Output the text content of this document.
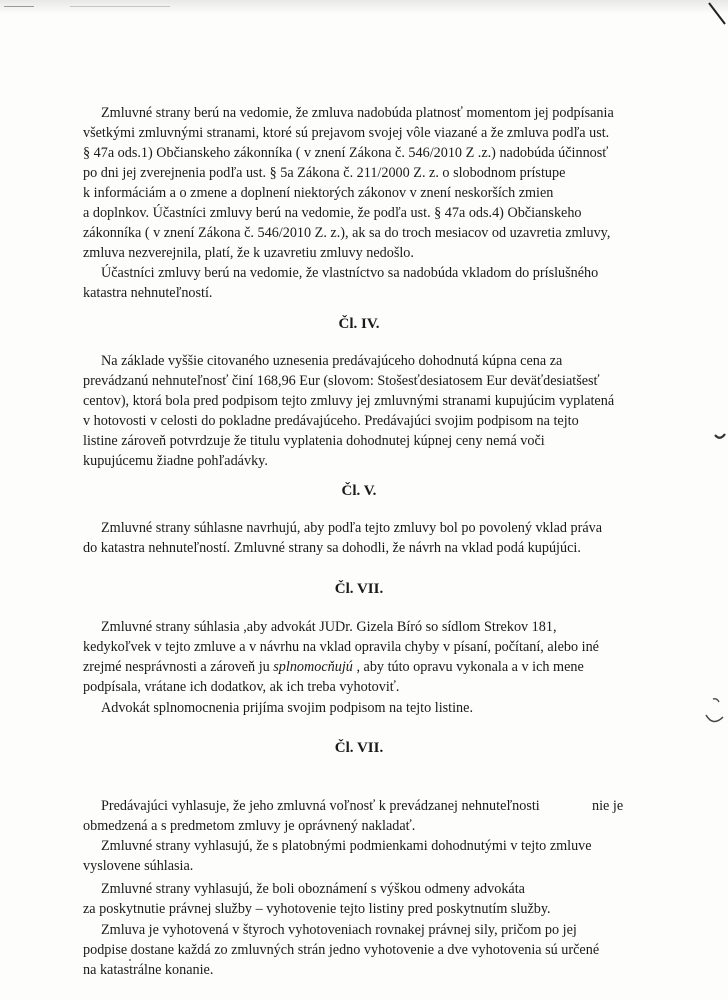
Zmluvné strany berú na vedomie, že zmluva nadobúda platnosť momentom jej podpísania
všetkými zmluvnými stranami, ktoré sú prejavom svojej vôle viazané a že zmluva podľa ust.
§ 47a ods.1) Občianskeho zákonníka ( v znení Zákona č. 546/2010 Z .z.) nadobúda účinnosť
po dni jej zverejnenia podľa ust. § 5a Zákona č. 211/2000 Z. z. o slobodnom prístupe
k informáciám a o zmene a doplnení niektorých zákonov v znení neskorších zmien
a doplnkov. Účastníci zmluvy berú na vedomie, že podľa ust. § 47a ods.4) Občianskeho
zákonníka ( v znení Zákona č. 546/2010 Z. z.), ak sa do troch mesiacov od uzavretia zmluvy,
zmluva nezverejnila, platí, že k uzavretiu zmluvy nedošlo.
Účastníci zmluvy berú na vedomie, že vlastníctvo sa nadobúda vkladom do príslušného
katastra nehnuteľností.
Čl. IV.
Na základe vyššie citovaného uznesenia predávajúceho dohodnutá kúpna cena za
prevádzanú nehnuteľnosť činí 168,96 Eur (slovom: Stošesťdesiatosem Eur deväťdesiatšesť
centov), ktorá bola pred podpisom tejto zmluvy jej zmluvnými stranami kupujúcim vyplatená
v hotovosti v celosti do pokladne predávajúceho. Predávajúci svojim podpisom na tejto
listine zároveň potvrdzuje že titulu vyplatenia dohodnutej kúpnej ceny nemá voči
kupujúcemu žiadne pohľadávky.
Čl. V.
Zmluvné strany súhlasne navrhujú, aby podľa tejto zmluvy bol po povolený vklad práva
do katastra nehnuteľností. Zmluvné strany sa dohodli, že návrh na vklad podá kupújúci.
Čl. VII.
Zmluvné strany súhlasia ,aby advokát JUDr. Gizela Bíró so sídlom Strekov 181,
kedykoľvek v tejto zmluve a v návrhu na vklad opravila chyby v písaní, počítaní, alebo iné
zrejmé nesprávnosti a zároveň ju splnomocňujú , aby túto opravu vykonala a v ich mene
podpísala, vrátane ich dodatkov, ak ich treba vyhotoviť.
Advokát splnomocnenia prijíma svojim podpisom na tejto listine.
Čl. VII.
Predávajúci vyhlasuje, že jeho zmluvná voľnosť k prevádzanej nehnuteľnosti	nie je
obmedzená a s predmetom zmluvy je oprávnený nakladať.
Zmluvné strany vyhlasujú, že s platobnými podmienkami dohodnutými v tejto zmluve
vyslovene súhlasia.
Zmluvné strany vyhlasujú, že boli oboznámení s výškou odmeny advokáta
za poskytnutie právnej služby – vyhotovenie tejto listiny pred poskytnutím služby.
Zmluva je vyhotovená v štyroch vyhotoveniach rovnakej právnej sily, pričom po jej
podpise dostane každá zo zmluvných strán jedno vyhotovenie a dve vyhotovenia sú určené
na katastrálne konanie.
